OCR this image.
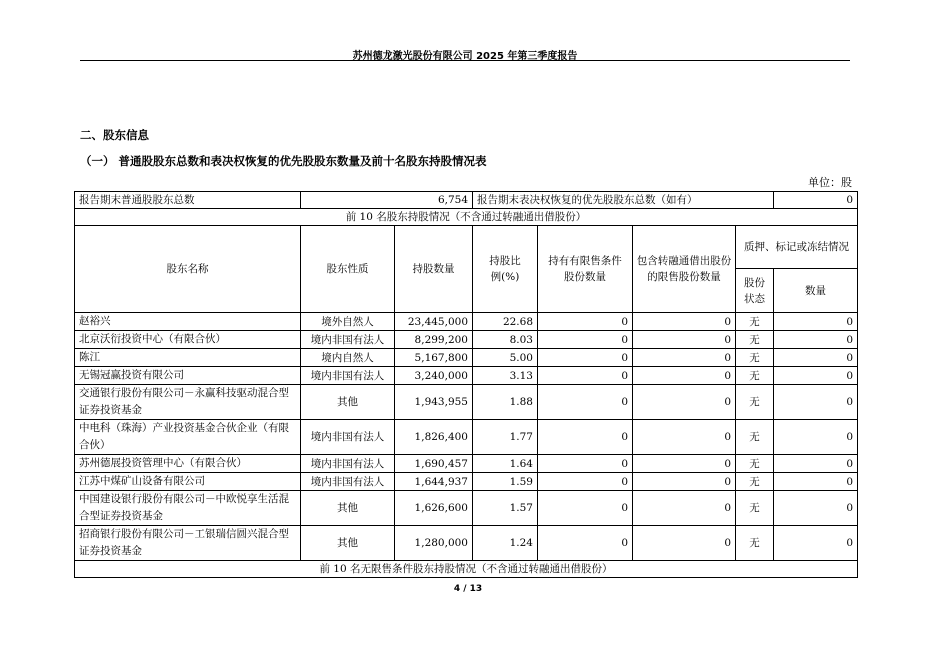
苏州德龙激光股份有限公司 2025 年第三季度报告
二、股东信息
（一） 普通股股东总数和表决权恢复的优先股股东数量及前十名股东持股情况表
单位：股
报告期末普通股股东总数	6,754		报告期末表决权恢复的优先股股东总数（如有）				0
前 10 名股东持股情况（不含通过转融通出借股份）							
股东名称	股东性质	持股数量	持股比例(%)	持有有限售条件股份数量	包含转融通借出股份的限售股份数量	质押、标记或冻结情况	
						股份状态	数量
赵裕兴	境外自然人	23,445,000	22.68	0	0	无	0
北京沃衍投资中心（有限合伙）	境内非国有法人	8,299,200	8.03	0	0	无	0
陈江	境内自然人	5,167,800	5.00	0	0	无	0
无锡冠赢投资有限公司	境内非国有法人	3,240,000	3.13	0	0	无	0
交通银行股份有限公司－永赢科技驱动混合型证券投资基金	其他	1,943,955	1.88	0	0	无	0
中电科（珠海）产业投资基金合伙企业（有限合伙）	境内非国有法人	1,826,400	1.77	0	0	无	0
苏州德展投资管理中心（有限合伙）	境内非国有法人	1,690,457	1.64	0	0	无	0
江苏中煤矿山设备有限公司	境内非国有法人	1,644,937	1.59	0	0	无	0
中国建设银行股份有限公司－中欧悦享生活混合型证券投资基金	其他	1,626,600	1.57	0	0	无	0
招商银行股份有限公司－工银瑞信圆兴混合型证券投资基金	其他	1,280,000	1.24	0	0	无	0
前 10 名无限售条件股东持股情况（不含通过转融通出借股份）							
4 / 13
